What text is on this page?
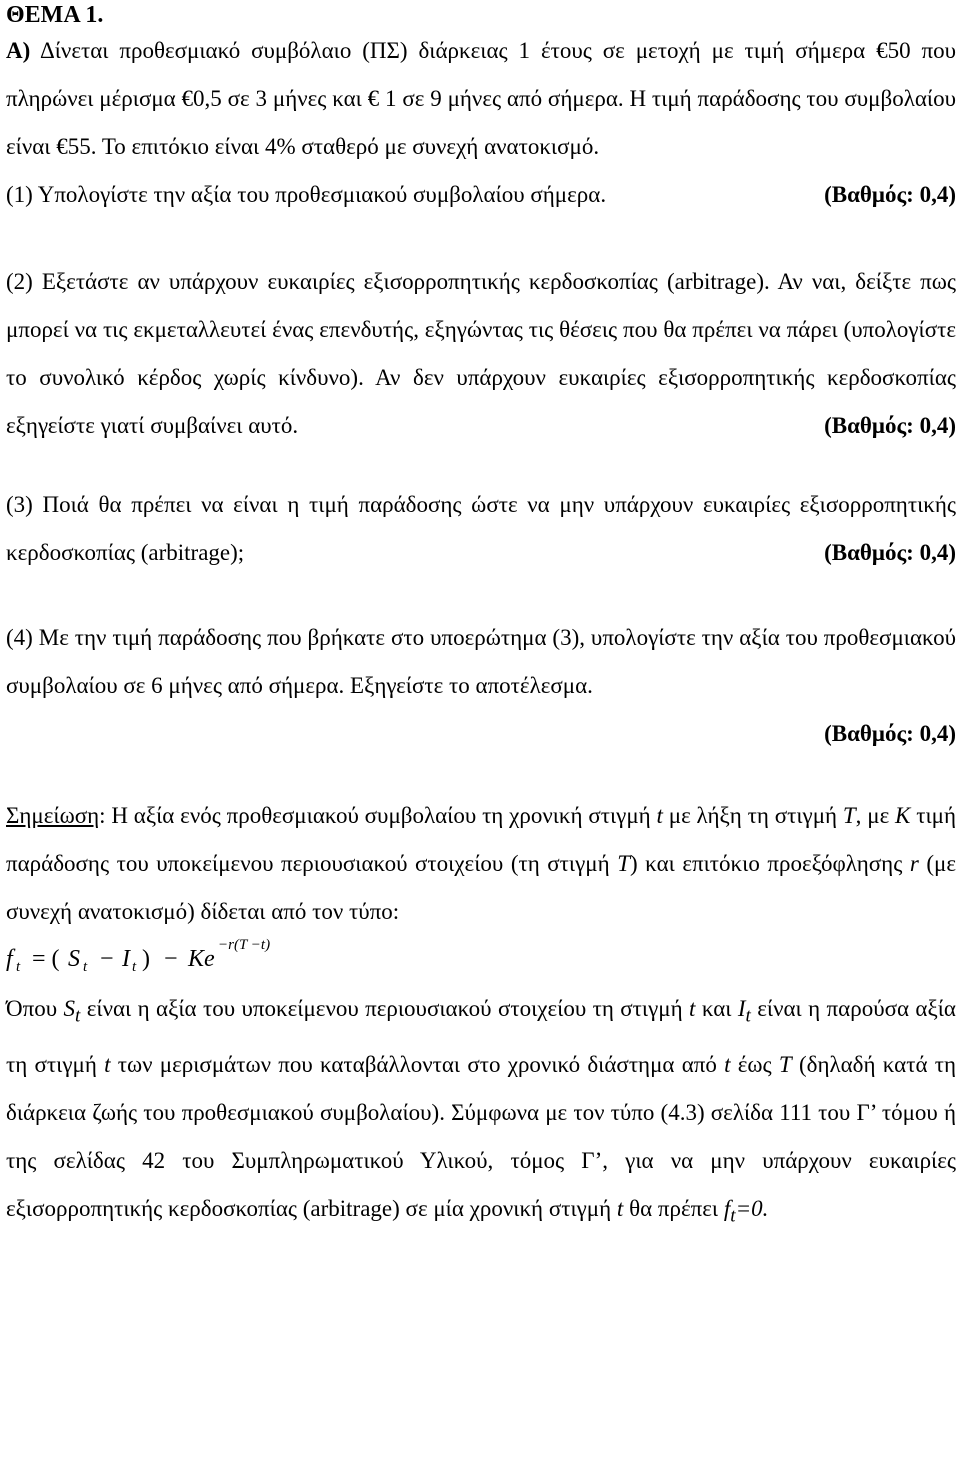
ΘΕΜΑ 1.

Α) Δίνεται προθεσμιακό συμβόλαιο (ΠΣ) διάρκειας 1 έτους σε μετοχή με τιμή σήμερα €50 που πληρώνει μέρισμα €0,5 σε 3 μήνες και € 1 σε 9 μήνες από σήμερα. Η τιμή παράδοσης του συμβολαίου είναι €55. Το επιτόκιο είναι 4% σταθερό με συνεχή ανατοκισμό.

(1) Υπολογίστε την αξία του προθεσμιακού συμβολαίου σήμερα.	(Βαθμός: 0,4)

(2) Εξετάστε αν υπάρχουν ευκαιρίες εξισορροπητικής κερδοσκοπίας (arbitrage). Αν ναι, δείξτε πως μπορεί να τις εκμεταλλευτεί ένας επενδυτής, εξηγώντας τις θέσεις που θα πρέπει να πάρει (υπολογίστε το συνολικό κέρδος χωρίς κίνδυνο). Αν δεν υπάρχουν ευκαιρίες εξισορροπητικής κερδοσκοπίας εξηγείστε γιατί συμβαίνει αυτό.	(Βαθμός: 0,4)

(3) Ποιά θα πρέπει να είναι η τιμή παράδοσης ώστε να μην υπάρχουν ευκαιρίες εξισορροπητικής κερδοσκοπίας (arbitrage);	(Βαθμός: 0,4)

(4) Με την τιμή παράδοσης που βρήκατε στο υποερώτημα (3), υπολογίστε την αξία του προθεσμιακού συμβολαίου σε 6 μήνες από σήμερα. Εξηγείστε το αποτέλεσμα.

(Βαθμός: 0,4)

Σημείωση: Η αξία ενός προθεσμιακού συμβολαίου τη χρονική στιγμή t με λήξη τη στιγμή T, με K τιμή παράδοσης του υποκείμενου περιουσιακού στοιχείου (τη στιγμή T) και επιτόκιο προεξόφλησης r (με συνεχή ανατοκισμό) δίδεται από τον τύπο:

f t = ( S t − I t ) − Ke
−r(T −t)

Όπου $S_t$ είναι η αξία του υποκείμενου περιουσιακού στοιχείου τη στιγμή t και $I_t$ είναι η παρούσα αξία τη στιγμή t των μερισμάτων που καταβάλλονται στο χρονικό διάστημα από t έως T (δηλαδή κατά τη διάρκεια ζωής του προθεσμιακού συμβολαίου). Σύμφωνα με τον τύπο (4.3) σελίδα 111 του Γ’ τόμου ή της σελίδας 42 του Συμπληρωματικού Υλικού, τόμος Γ’, για να μην υπάρχουν ευκαιρίες εξισορροπητικής κερδοσκοπίας (arbitrage) σε μία χρονική στιγμή t θα πρέπει $f_t=0$.
